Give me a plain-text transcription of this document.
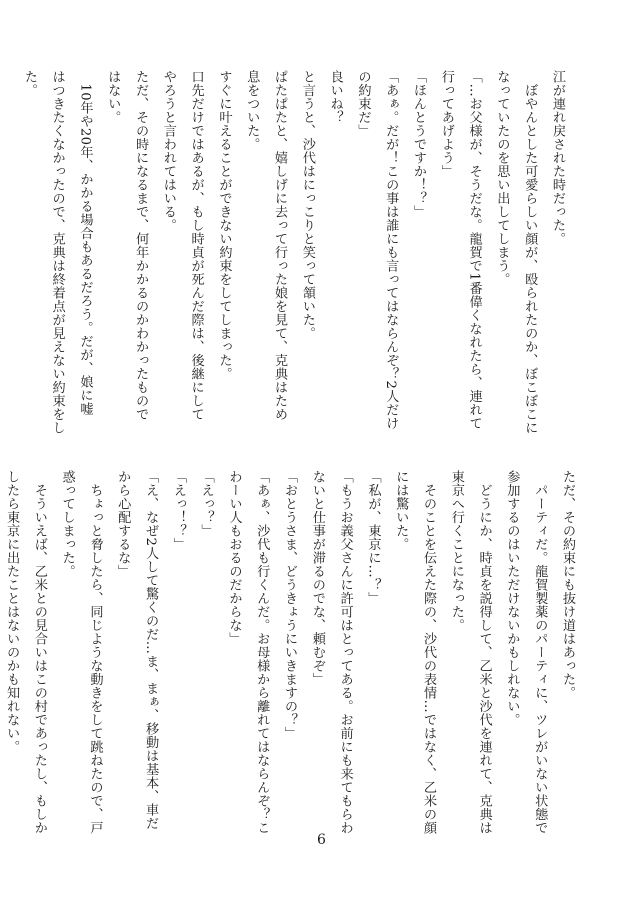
江が連れ戻された時だった。
　ぼやんとした可愛らしい顔が、殴られたのか、ぼこぼこに
なっていたのを思い出してしまう。
「…お父様が、そうだな。龍賀で1番偉くなれたら、連れて
行ってあげよう」
「ほんとうですか！？」
「あぁ。だが！この事は誰にも言ってはならんぞ？2人だけ
の約束だ」
良いね？
と言うと、沙代はにっこりと笑って頷いた。
ぱたぱたと、嬉しげに去って行った娘を見て、克典はため
息をついた。
すぐに叶えることができない約束をしてしまった。
口先だけではあるが、もし時貞が死んだ際は、後継にして
やろうと言われてはいる。
ただ、その時になるまで、何年かかるのかわかったもので
はない。
　10年や20年、かかる場合もあるだろう。だが、娘に嘘
はつきたくなかったので、克典は終着点が見えない約束をし
た。
ただ、その約束にも抜け道はあった。
　パーティだ。龍賀製薬のパーティに、ツレがいない状態で
参加するのはいただけないかもしれない。
　どうにか、時貞を説得して、乙米と沙代を連れて、克典は
東京へ行くことになった。
　そのことを伝えた際の、沙代の表情…ではなく、乙米の顔
には驚いた。
「私が、東京に…？」
「もうお義父さんに許可はとってある。お前にも来てもらわ
ないと仕事が滞るのでな、頼むぞ」
「おとうさま、どうきょうにいきますの？」
「あぁ、沙代も行くんだ。お母様から離れてはならんぞ？こ
わーい人もおるのだからな」
「えっ？」
「えっ！？」
「え、なぜ2人して驚くのだ…ま、まぁ、移動は基本、車だ
から心配するな」
　ちょっと脅したら、同じような動きをして跳ねたので、戸
惑ってしまった。
　そういえば、乙米との見合いはこの村であったし、もしか
したら東京に出たことはないのかも知れない。
6
